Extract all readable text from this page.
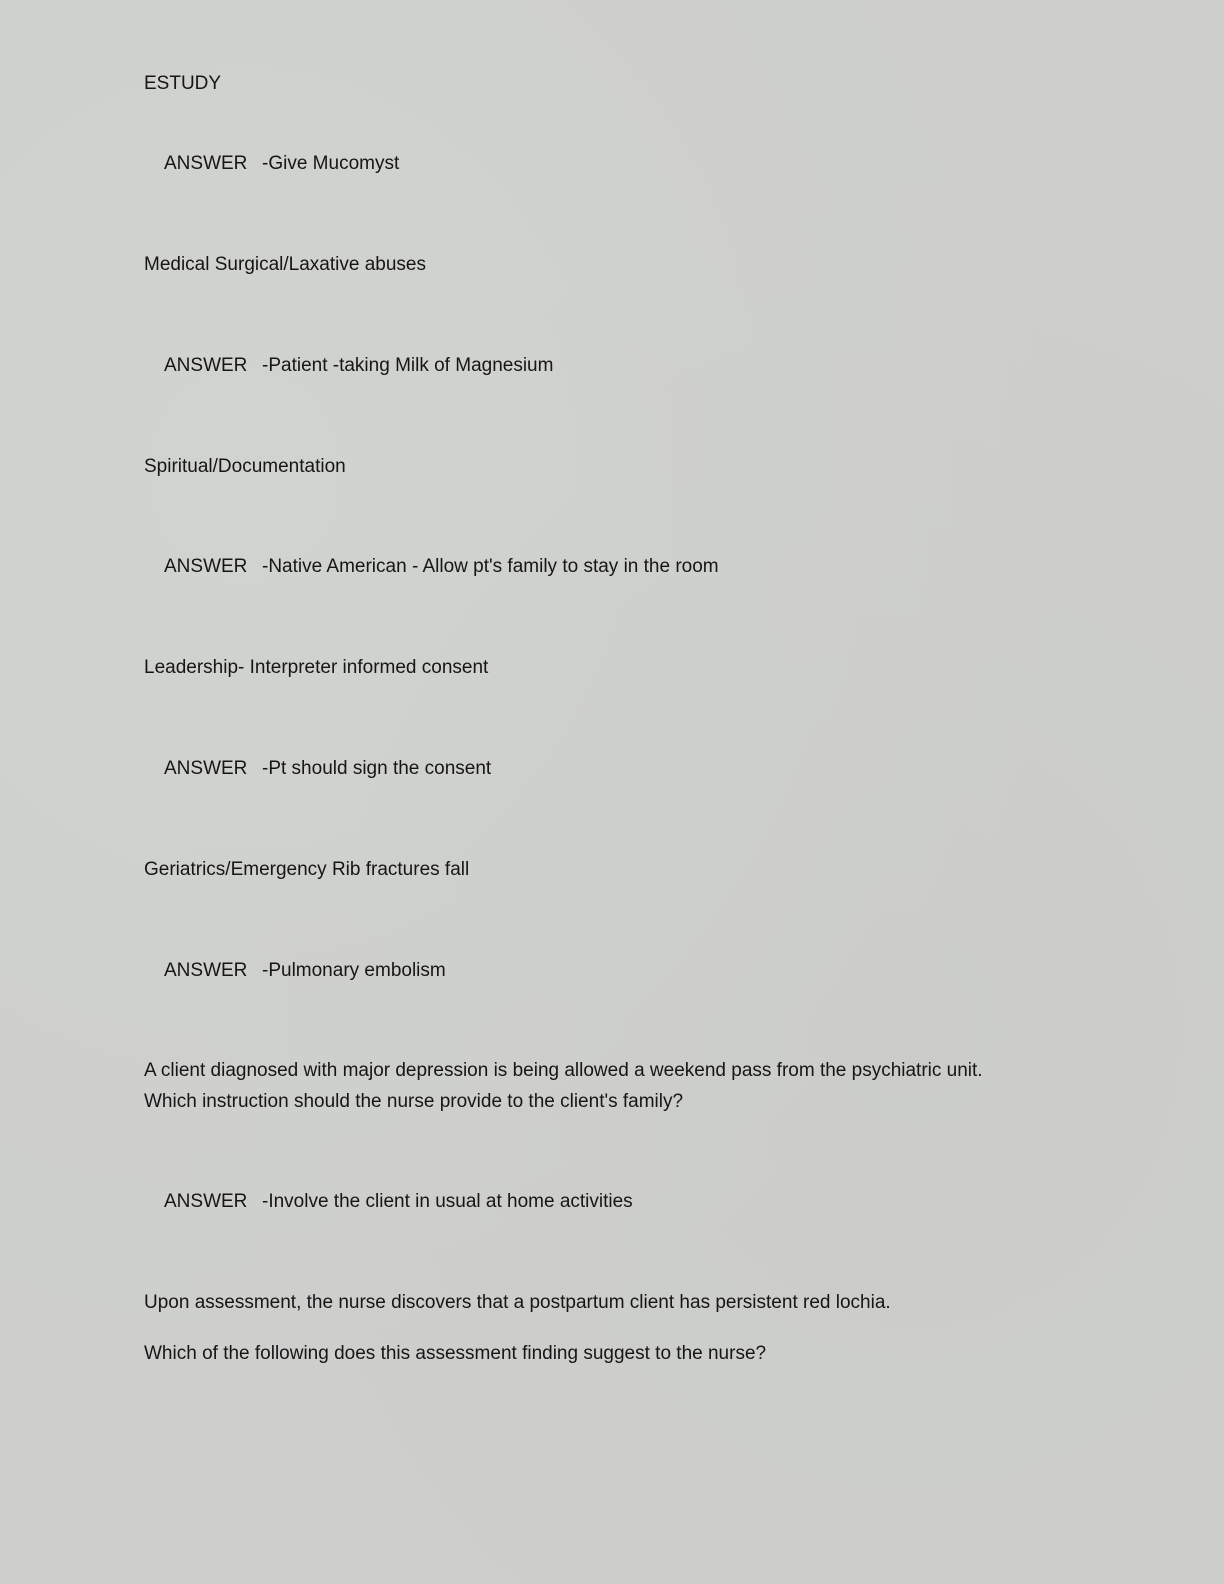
ESTUDY
ANSWER -Give Mucomyst
Medical Surgical/Laxative abuses
ANSWER -Patient -taking Milk of Magnesium
Spiritual/Documentation
ANSWER -Native American - Allow pt's family to stay in the room
Leadership- Interpreter informed consent
ANSWER -Pt should sign the consent
Geriatrics/Emergency Rib fractures fall
ANSWER -Pulmonary embolism
A client diagnosed with major depression is being allowed a weekend pass from the psychiatric unit.
Which instruction should the nurse provide to the client's family?
ANSWER -Involve the client in usual at home activities
Upon assessment, the nurse discovers that a postpartum client has persistent red lochia.
Which of the following does this assessment finding suggest to the nurse?
